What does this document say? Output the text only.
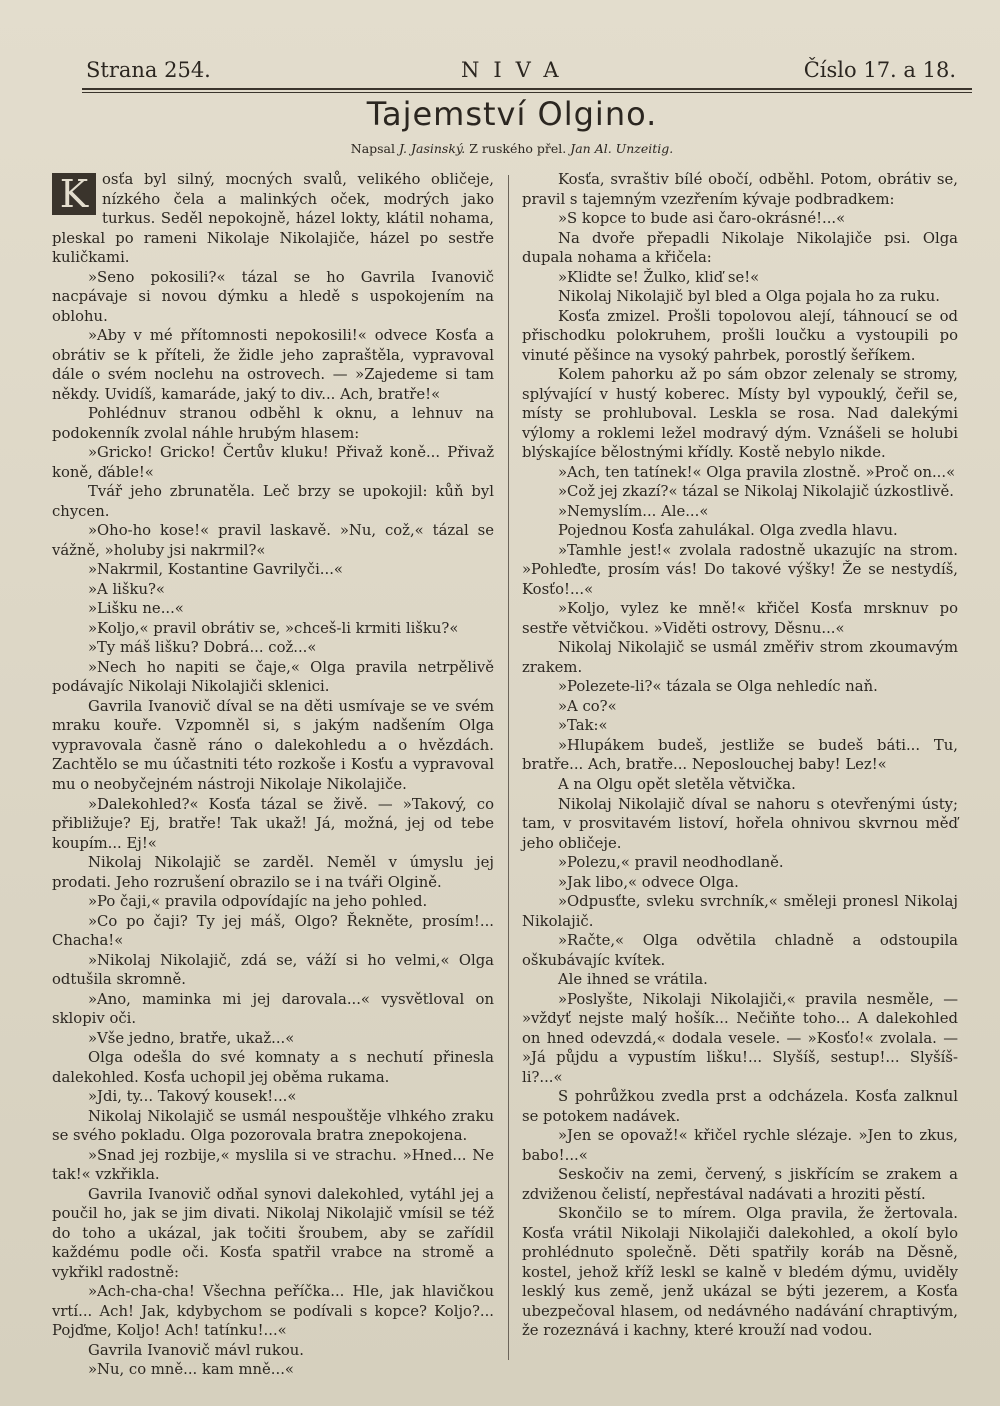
Strana 254.	NIVA	Číslo 17. a 18.
Tajemství Olgino.
Napsal J. Jasinský. Z ruského přel. Jan Al. Unzeitig.

K osťa byl silný, mocných svalů, velikého obličeje, nízkého čela a malinkých oček, modrých jako turkus. Seděl nepokojně, házel lokty, klátil nohama, pleskal po rameni Nikolaje Nikolajiče, házel po sestře kuličkami.

»Seno pokosili?« tázal se ho Gavrila Ivanovič nacpávaje si novou dýmku a hledě s uspokojením na oblohu.

»Aby v mé přítomnosti nepokosili!« odvece Kosťa a obrátiv se k příteli, že židle jeho zapraštěla, vypravoval dále o svém noclehu na ostrovech. — »Zajedeme si tam někdy. Uvidíš, kamaráde, jaký to div... Ach, bratře!«

Pohlédnuv stranou odběhl k oknu, a lehnuv na podokenník zvolal náhle hrubým hlasem:

»Gricko! Gricko! Čertův kluku! Přivaž koně... Přivaž koně, ďáble!«

Tvář jeho zbrunatěla. Leč brzy se upokojil: kůň byl chycen.

»Oho-ho kose!« pravil laskavě. »Nu, což,« tázal se vážně, »holuby jsi nakrmil?«

»Nakrmil, Kostantine Gavrilyči...«

»A lišku?«

»Lišku ne...«

»Koljo,« pravil obrátiv se, »chceš-li krmiti lišku?«

»Ty máš lišku? Dobrá... což...«

»Nech ho napiti se čaje,« Olga pravila netrpělivě podávajíc Nikolaji Nikolajiči sklenici.

Gavrila Ivanovič díval se na děti usmívaje se ve svém mraku kouře. Vzpomněl si, s jakým nadšením Olga vypravovala časně ráno o dalekohledu a o hvězdách. Zachtělo se mu účastniti této rozkoše i Kosťu a vypravoval mu o neobyčejném nástroji Nikolaje Nikolajiče.

»Dalekohled?« Kosťa tázal se živě. — »Takový, co přibližuje? Ej, bratře! Tak ukaž! Já, možná, jej od tebe koupím... Ej!«

Nikolaj Nikolajič se zarděl. Neměl v úmyslu jej prodati. Jeho rozrušení obrazilo se i na tváři Olgině.

»Po čaji,« pravila odpovídajíc na jeho pohled.

»Co po čaji? Ty jej máš, Olgo? Řekněte, prosím!... Chacha!«

»Nikolaj Nikolajič, zdá se, váží si ho velmi,« Olga odtušila skromně.

»Ano, maminka mi jej darovala...« vysvětloval on sklopiv oči.

»Vše jedno, bratře, ukaž...«

Olga odešla do své komnaty a s nechutí přinesla dalekohled. Kosťa uchopil jej oběma rukama.

»Jdi, ty... Takový kousek!...«

Nikolaj Nikolajič se usmál nespouštěje vlhkého zraku se svého pokladu. Olga pozorovala bratra znepokojena.

»Snad jej rozbije,« myslila si ve strachu. »Hned... Ne tak!« vzkřikla.

Gavrila Ivanovič odňal synovi dalekohled, vytáhl jej a poučil ho, jak se jim divati. Nikolaj Nikolajič vmísil se též do toho a ukázal, jak točiti šroubem, aby se zařídil každému podle oči. Kosťa spatřil vrabce na stromě a vykřikl radostně:

»Ach-cha-cha! Všechna peříčka... Hle, jak hlavičkou vrtí... Ach! Jak, kdybychom se podívali s kopce? Koljo?... Pojďme, Koljo! Ach! tatínku!...«

Gavrila Ivanovič mávl rukou.

»Nu, co mně... kam mně...«

Kosťa, svraštiv bílé obočí, odběhl. Potom, obrátiv se, pravil s tajemným vzezřením kývaje podbradkem:

»S kopce to bude asi čaro-okrásné!...«

Na dvoře přepadli Nikolaje Nikolajiče psi. Olga dupala nohama a křičela:

»Klidte se! Žulko, kliď se!«

Nikolaj Nikolajič byl bled a Olga pojala ho za ruku.

Kosťa zmizel. Prošli topolovou alejí, táhnoucí se od přischodku polokruhem, prošli loučku a vystoupili po vinuté pěšince na vysoký pahrbek, porostlý šeříkem.

Kolem pahorku až po sám obzor zelenaly se stromy, splývající v hustý koberec. Místy byl vypouklý, čeřil se, místy se prohluboval. Leskla se rosa. Nad dalekými výlomy a roklemi ležel modravý dým. Vznášeli se holubi blýskajíce bělostnými křídly. Kostě nebylo nikde.

»Ach, ten tatínek!« Olga pravila zlostně. »Proč on...«

»Což jej zkazí?« tázal se Nikolaj Nikolajič úzkostlivě.

»Nemyslím... Ale...«

Pojednou Kosťa zahulákal. Olga zvedla hlavu.

»Tamhle jest!« zvolala radostně ukazujíc na strom. »Pohleďte, prosím vás! Do takové výšky! Že se nestydíš, Kosťo!...«

»Koljo, vylez ke mně!« křičel Kosťa mrsknuv po sestře větvičkou. »Viděti ostrovy, Děsnu...«

Nikolaj Nikolajič se usmál změřiv strom zkoumavým zrakem.

»Polezete-li?« tázala se Olga nehledíc naň.

»A co?«

»Tak:«

»Hlupákem budeš, jestliže se budeš báti... Tu, bratře... Ach, bratře... Neposlouchej baby! Lez!«

A na Olgu opět sletěla větvička.

Nikolaj Nikolajič díval se nahoru s otevřenými ústy; tam, v prosvitavém listoví, hořela ohnivou skvrnou měď jeho obličeje.

»Polezu,« pravil neodhodlaně.

»Jak libo,« odvece Olga.

»Odpusťte, svleku svrchník,« směleji pronesl Nikolaj Nikolajič.

»Račte,« Olga odvětila chladně a odstoupila oškubávajíc kvítek.

Ale ihned se vrátila.

»Poslyšte, Nikolaji Nikolajiči,« pravila nesměle, — »vždyť nejste malý hošík... Nečiňte toho... A dalekohled on hned odevzdá,« dodala vesele. — »Kosťo!« zvolala. — »Já půjdu a vypustím lišku!... Slyšíš, sestup!... Slyšíš-li?...«

S pohrůžkou zvedla prst a odcházela. Kosťa zalknul se potokem nadávek.

»Jen se opovaž!« křičel rychle slézaje. »Jen to zkus, babo!...«

Seskočiv na zemi, červený, s jiskřícím se zrakem a zdviženou čelistí, nepřestával nadávati a hroziti pěstí.

Skončilo se to mírem. Olga pravila, že žertovala. Kosťa vrátil Nikolaji Nikolajiči dalekohled, a okolí bylo prohlédnuto společně. Děti spatřily koráb na Děsně, kostel, jehož kříž leskl se kalně v bledém dýmu, uviděly lesklý kus země, jenž ukázal se býti jezerem, a Kosťa ubezpečoval hlasem, od nedávného nadávání chraptivým, že rozeznává i kachny, které krouží nad vodou.
